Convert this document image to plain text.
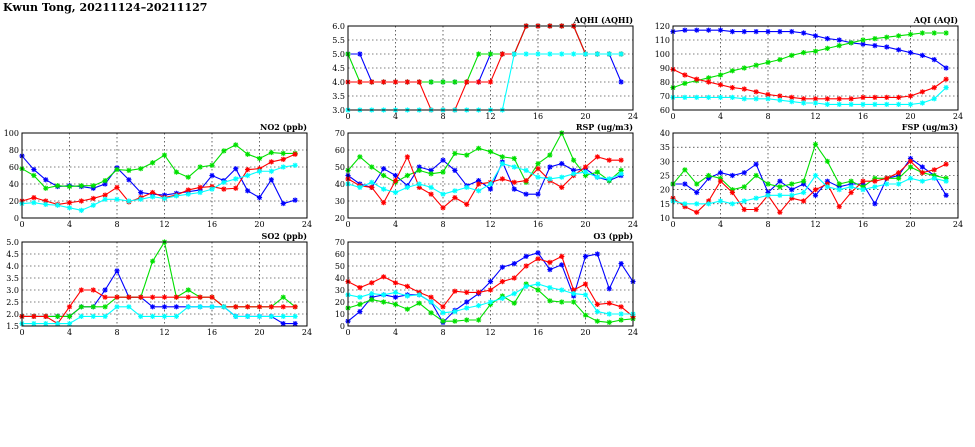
Kwun Tong, 20211124–20211127
3.0
3.5
4.0
4.5
5.0
5.5
6.0
0	4	8	12	16	20	24
AQHI (AQHI)
60
70
80
90
100
110
120
0	4	8	12	16	20	24
AQI (AQI)
0
20
40
60
80
100
0	4	8	12	16	20	24
NO2 (ppb)
20
30
40
50
60
70
0	4	8	12	16	20	24
RSP (ug/m3)
10
15
20
25
30
35
40
0	4	8	12	16	20	24
FSP (ug/m3)
1.5
2.0
2.5
3.0
3.5
4.0
4.5
5.0
0	4	8	12	16	20	24
SO2 (ppb)
0
10
20
30
40
50
60
70
0	4	8	12	16	20	24
O3 (ppb)
